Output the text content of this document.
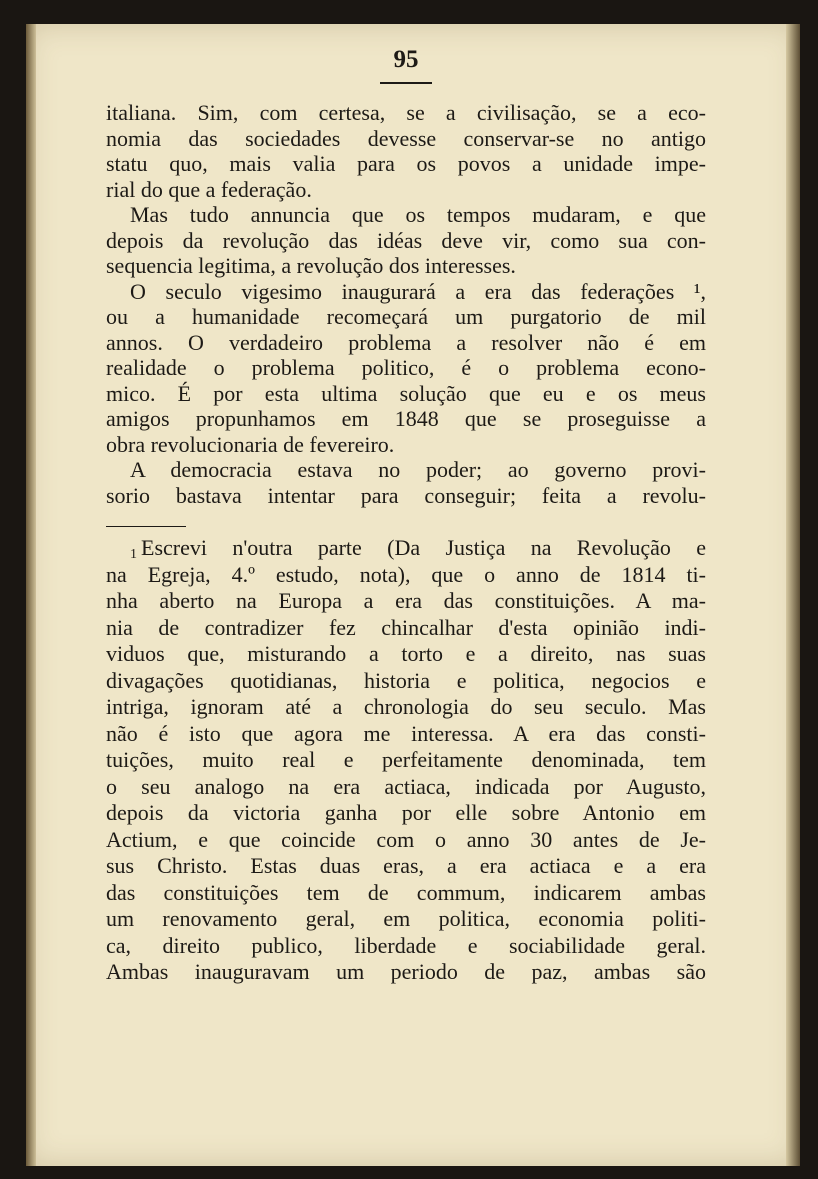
95
italiana. Sim, com certesa, se a civilisação, se a eco-
nomia das sociedades devesse conservar-se no antigo
statu quo, mais valia para os povos a unidade impe-
rial do que a federação.
Mas tudo annuncia que os tempos mudaram, e que
depois da revolução das idéas deve vir, como sua con-
sequencia legitima, a revolução dos interesses.
O seculo vigesimo inaugurará a era das federações ¹,
ou a humanidade recomeçará um purgatorio de mil
annos. O verdadeiro problema a resolver não é em
realidade o problema politico, é o problema econo-
mico. É por esta ultima solução que eu e os meus
amigos propunhamos em 1848 que se proseguisse a
obra revolucionaria de fevereiro.
A democracia estava no poder; ao governo provi-
sorio bastava intentar para conseguir; feita a revolu-
1 Escrevi n'outra parte (Da Justiça na Revolução e
na Egreja, 4.º estudo, nota), que o anno de 1814 ti-
nha aberto na Europa a era das constituições. A ma-
nia de contradizer fez chincalhar d'esta opinião indi-
viduos que, misturando a torto e a direito, nas suas
divagações quotidianas, historia e politica, negocios e
intriga, ignoram até a chronologia do seu seculo. Mas
não é isto que agora me interessa. A era das consti-
tuições, muito real e perfeitamente denominada, tem
o seu analogo na era actiaca, indicada por Augusto,
depois da victoria ganha por elle sobre Antonio em
Actium, e que coincide com o anno 30 antes de Je-
sus Christo. Estas duas eras, a era actiaca e a era
das constituições tem de commum, indicarem ambas
um renovamento geral, em politica, economia politi-
ca, direito publico, liberdade e sociabilidade geral.
Ambas inauguravam um periodo de paz, ambas são
